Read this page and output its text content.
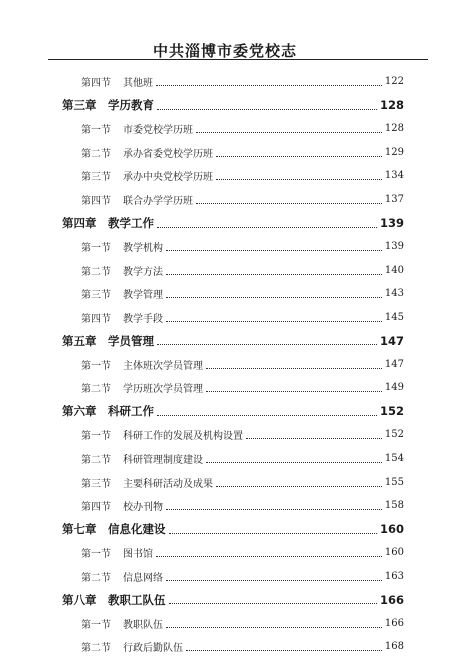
中共淄博市委党校志
第四节 其他班	122
第三章 学历教育	128
第一节 市委党校学历班	128
第二节 承办省委党校学历班	129
第三节 承办中央党校学历班	134
第四节 联合办学学历班	137
第四章 教学工作	139
第一节 教学机构	139
第二节 教学方法	140
第三节 教学管理	143
第四节 教学手段	145
第五章 学员管理	147
第一节 主体班次学员管理	147
第二节 学历班次学员管理	149
第六章 科研工作	152
第一节 科研工作的发展及机构设置	152
第二节 科研管理制度建设	154
第三节 主要科研活动及成果	155
第四节 校办刊物	158
第七章 信息化建设	160
第一节 图书馆	160
第二节 信息网络	163
第八章 教职工队伍	166
第一节 教职队伍	166
第二节 行政后勤队伍	168
